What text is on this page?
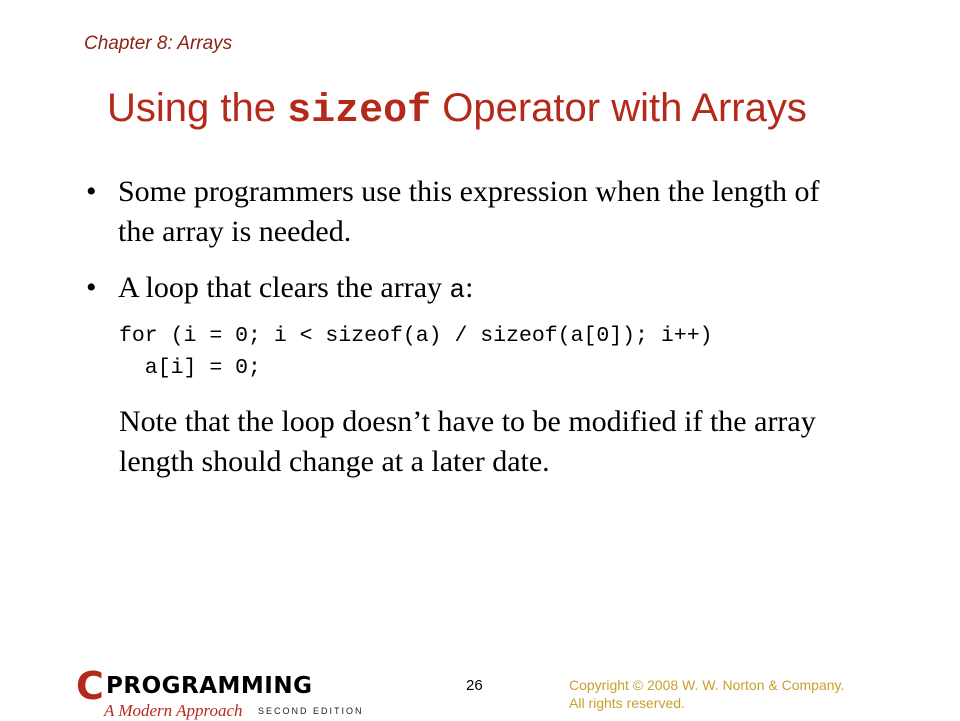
Chapter 8: Arrays
Using the sizeof Operator with Arrays
• Some programmers use this expression when the length of the array is needed.
• A loop that clears the array a:
for (i = 0; i < sizeof(a) / sizeof(a[0]); i++)
a[i] = 0;
Note that the loop doesn’t have to be modified if the array length should change at a later date.
C PROGRAMMING
A Modern Approach SECOND EDITION
26	Copyright © 2008 W. W. Norton & Company.
All rights reserved.
